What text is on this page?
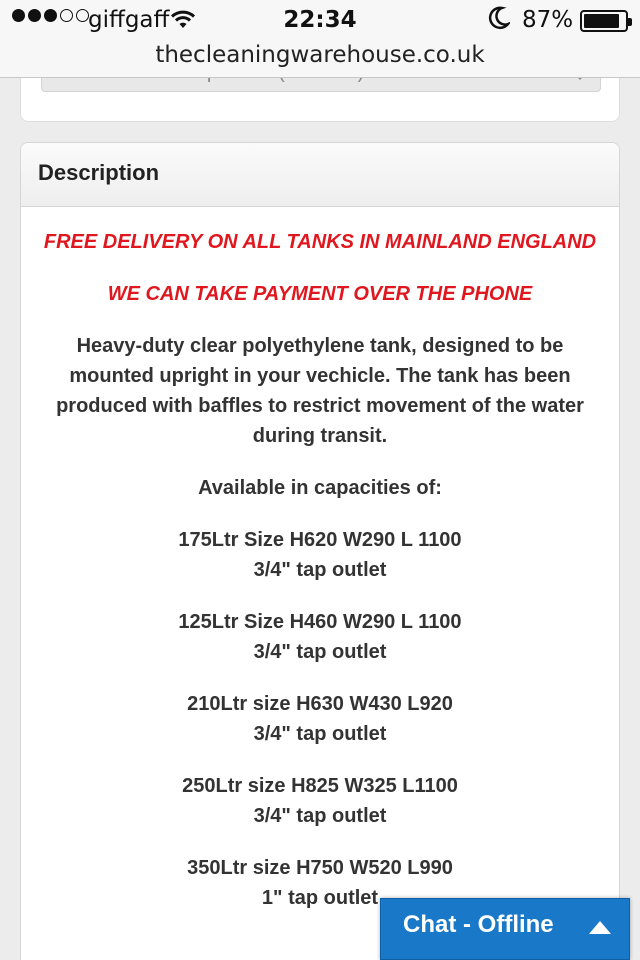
Description

FREE DELIVERY ON ALL TANKS IN MAINLAND ENGLAND

WE CAN TAKE PAYMENT OVER THE PHONE

Heavy-duty clear polyethylene tank, designed to be mounted upright in your vechicle. The tank has been produced with baffles to restrict movement of the water during transit.

Available in capacities of:

175Ltr Size H620 W290 L 1100
3/4" tap outlet

125Ltr Size H460 W290 L 1100
3/4" tap outlet

210Ltr size H630 W430 L920
3/4" tap outlet

250Ltr size H825 W325 L1100
3/4" tap outlet

350Ltr size H750 W520 L990
1" tap outlet

giffgaff	22:34	87%
thecleaningwarehouse.co.uk
Chat - Offline
